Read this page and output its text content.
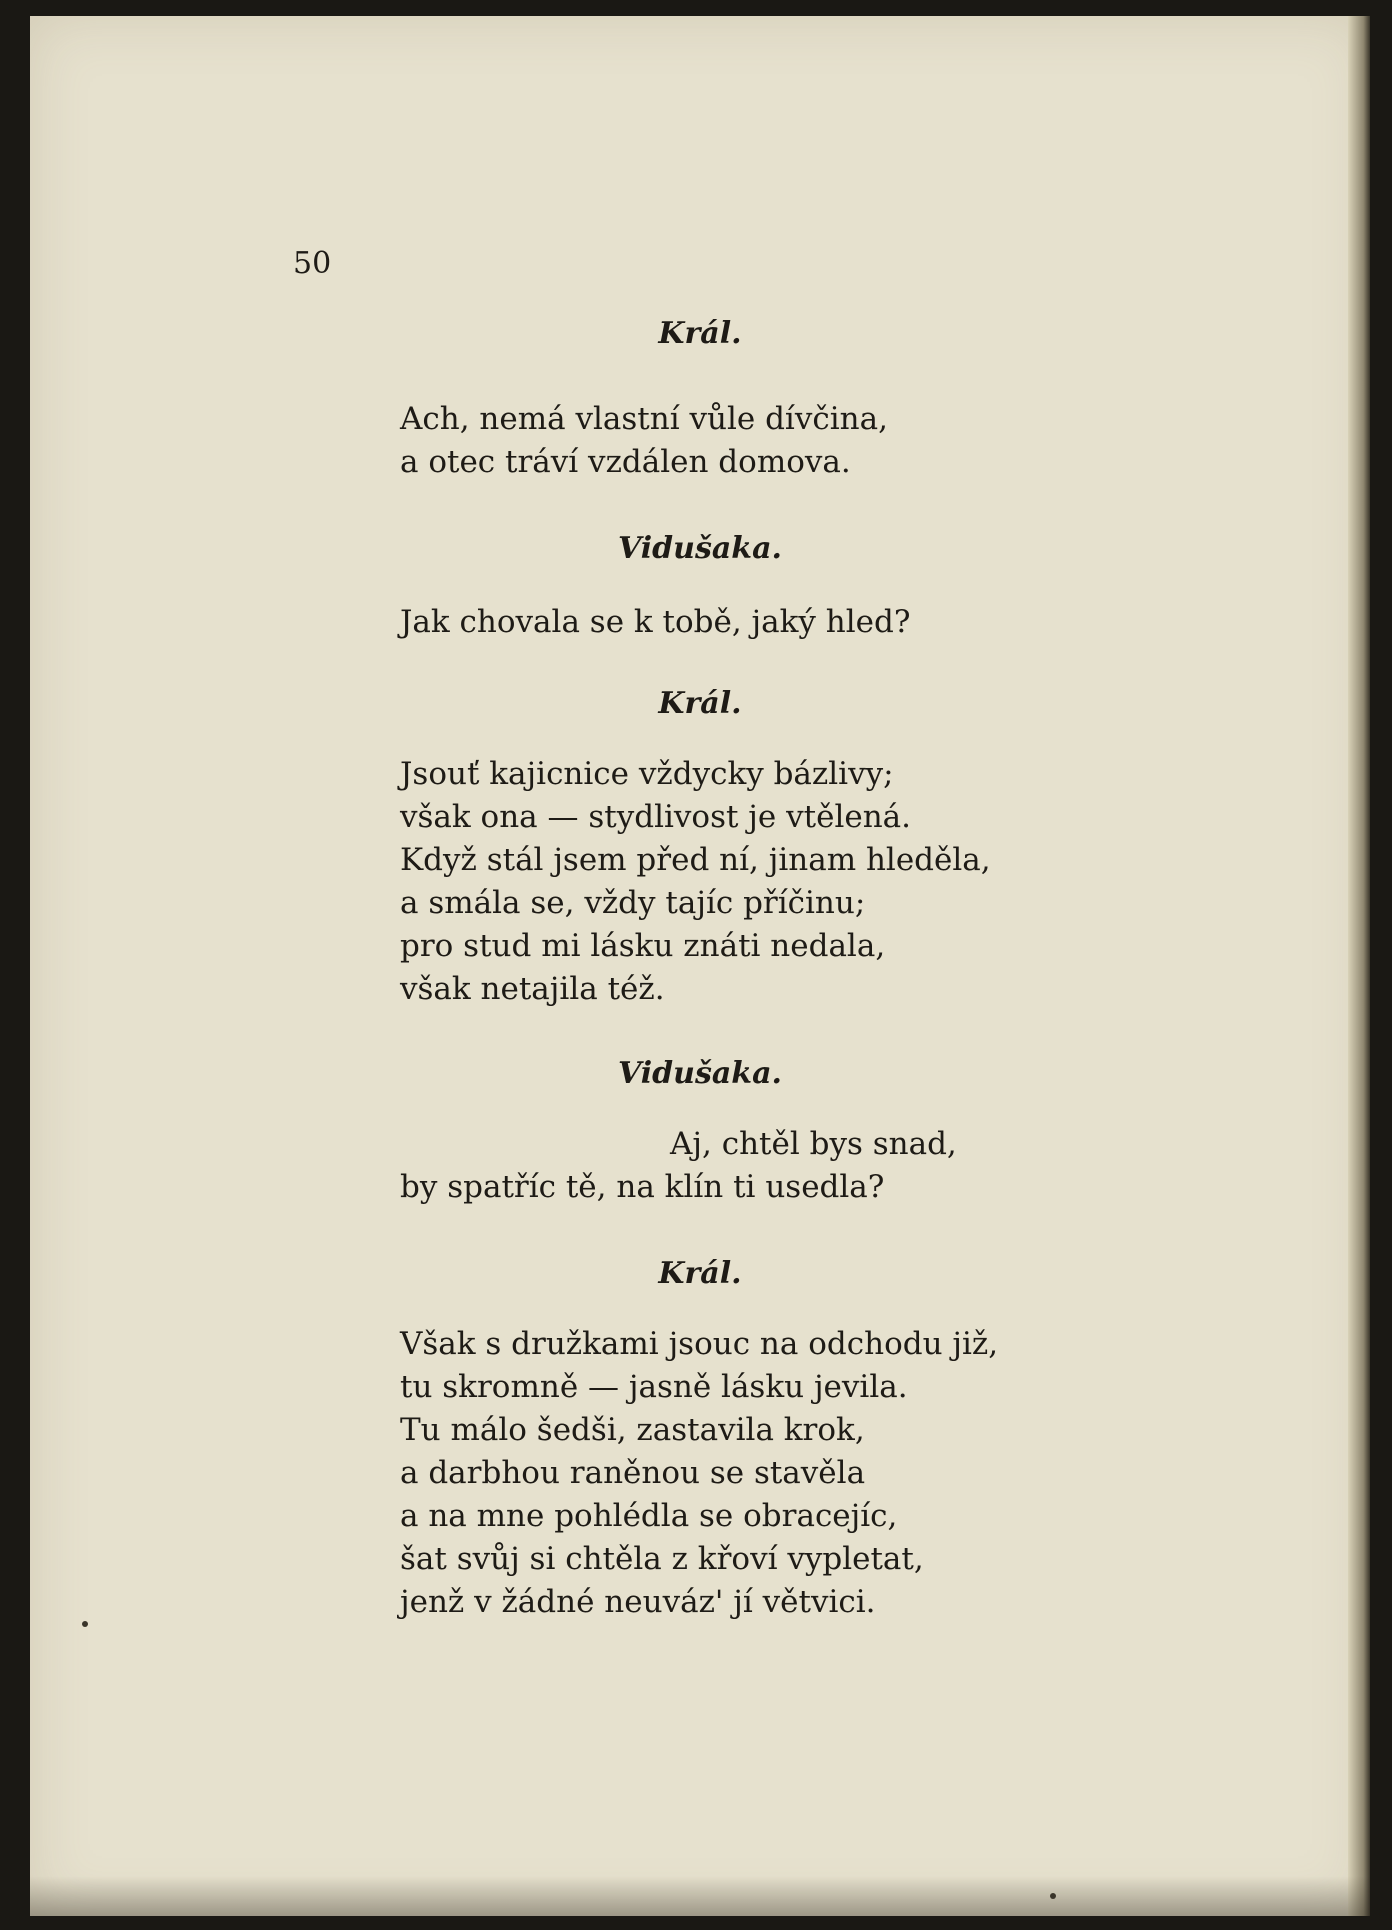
50
Král.
Ach, nemá vlastní vůle dívčina,
a otec tráví vzdálen domova.
Vidušaka.
Jak chovala se k tobě, jaký hled?
Král.
Jsouť kajicnice vždycky bázlivy;
však ona — stydlivost je vtělená.
Když stál jsem před ní, jinam hleděla,
a smála se, vždy tajíc příčinu;
pro stud mi lásku znáti nedala,
však netajila též.
Vidušaka.
Aj, chtěl bys snad,
by spatříc tě, na klín ti usedla?
Král.
Však s družkami jsouc na odchodu již,
tu skromně — jasně lásku jevila.
Tu málo šedši, zastavila krok,
a darbhou raněnou se stavěla
a na mne pohlédla se obracejíc,
šat svůj si chtěla z křoví vypletat,
jenž v žádné neuváz' jí větvici.
